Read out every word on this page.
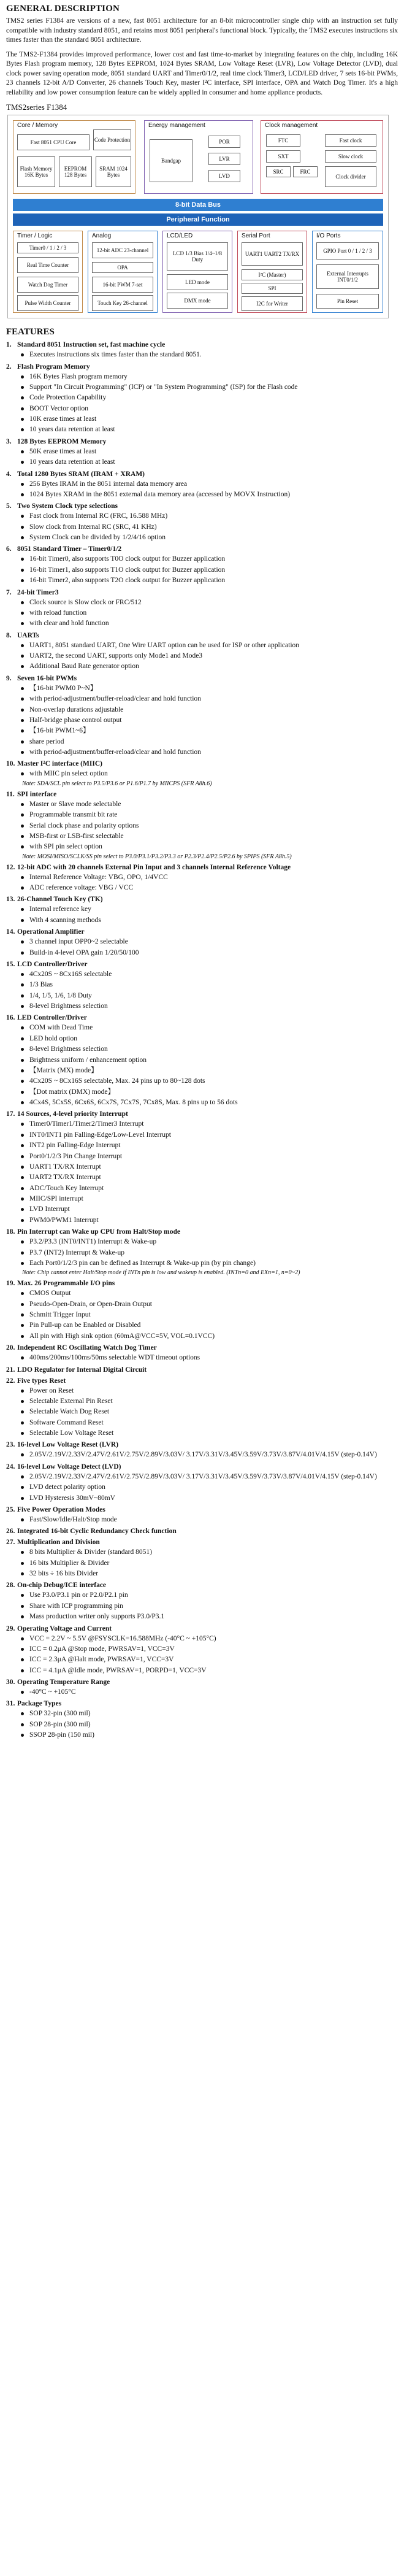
GENERAL DESCRIPTION

TMS2 series F1384 are versions of a new, fast 8051 architecture for an 8-bit microcontroller single chip with an instruction set fully compatible with industry standard 8051, and retains most 8051 peripheral's functional block. Typically, the TMS2 executes instructions six times faster than the standard 8051 architecture.

The TMS2-F1384 provides improved performance, lower cost and fast time-to-market by integrating features on the chip, including 16K Bytes Flash program memory, 128 Bytes EEPROM, 1024 Bytes SRAM, Low Voltage Reset (LVR), Low Voltage Detector (LVD), dual clock power saving operation mode, 8051 standard UART and Timer0/1/2, real time clock Timer3, LCD/LED driver, 7 sets 16-bit PWMs, 23 channels 12-bit A/D Converter, 26 channels Touch Key, master I²C interface, SPI interface, OPA and Watch Dog Timer. It's a high reliability and low power consumption feature can be widely applied in consumer and home appliance products.

TMS2series F1384
Core / Memory
Fast 8051 CPU Core	Code Protection
Flash Memory 16K Bytes
EEPROM 128 Bytes
SRAM 1024 Bytes
Energy management
Bandgap
POR
LVR
LVD
Clock management
FTC	Fast clock
SXT	Slow clock
SRC	FRC
Clock divider
8-bit Data Bus
Peripheral Function
Timer / Logic
Timer0 / 1 / 2 / 3
Real Time Counter
Watch Dog Timer
Pulse Width Counter
Analog
12-bit ADC 23-channel
OPA
16-bit PWM 7-set
Touch Key 26-channel
LCD/LED
LCD 1/3 Bias 1/4~1/8 Duty
LED mode
DMX mode
Serial Port
UART1 UART2 TX/RX
I²C (Master)
SPI
I2C for Writer
I/O Ports
GPIO Port 0 / 1 / 2 / 3
External Interrupts INT0/1/2
Pin Reset
FEATURES
1. Standard 8051 Instruction set, fast machine cycle
Executes instructions six times faster than the standard 8051.
2. Flash Program Memory
16K Bytes Flash program memory
Support "In Circuit Programming" (ICP) or "In System Programming" (ISP) for the Flash code
Code Protection Capability
BOOT Vector option
10K erase times at least
10 years data retention at least
3. 128 Bytes EEPROM Memory
50K erase times at least
10 years data retention at least
4. Total 1280 Bytes SRAM (IRAM + XRAM)
256 Bytes IRAM in the 8051 internal data memory area
1024 Bytes XRAM in the 8051 external data memory area (accessed by MOVX Instruction)
5. Two System Clock type selections
Fast clock from Internal RC (FRC, 16.588 MHz)
Slow clock from Internal RC (SRC, 41 KHz)
System Clock can be divided by 1/2/4/16 option
6. 8051 Standard Timer – Timer0/1/2
16-bit Timer0, also supports T0O clock output for Buzzer application
16-bit Timer1, also supports T1O clock output for Buzzer application
16-bit Timer2, also supports T2O clock output for Buzzer application
7. 24-bit Timer3
Clock source is Slow clock or FRC/512
with reload function
with clear and hold function
8. UARTs
UART1, 8051 standard UART, One Wire UART option can be used for ISP or other application
UART2, the second UART, supports only Mode1 and Mode3
Additional Baud Rate generator option
9. Seven 16-bit PWMs
【16-bit PWM0 P~N】
with period-adjustment/buffer-reload/clear and hold function
Non-overlap durations adjustable
Half-bridge phase control output
【16-bit PWM1~6】
share period
with period-adjustment/buffer-reload/clear and hold function
10. Master I²C interface (MIIC)
with MIIC pin select option
Note: SDA/SCL pin select to P3.5/P3.6 or P1.6/P1.7 by MIICPS (SFR A8h.6)
11. SPI interface
Master or Slave mode selectable
Programmable transmit bit rate
Serial clock phase and polarity options
MSB-first or LSB-first selectable
with SPI pin select option
Note: MOSI/MISO/SCLK/SS pin select to P3.0/P3.1/P3.2/P3.3 or P2.3/P2.4/P2.5/P2.6 by SPIPS (SFR A8h.5)
12. 12-bit ADC with 20 channels External Pin Input and 3 channels Internal Reference Voltage
Internal Reference Voltage: VBG, OPO, 1/4VCC
ADC reference voltage: VBG / VCC
13. 26-Channel Touch Key (TK)
Internal reference key
With 4 scanning methods
14. Operational Amplifier
3 channel input OPP0~2 selectable
Build-in 4-level OPA gain 1/20/50/100
15. LCD Controller/Driver
4Cx20S ~ 8Cx16S selectable
1/3 Bias
1/4, 1/5, 1/6, 1/8 Duty
8-level Brightness selection
16. LED Controller/Driver
COM with Dead Time
LED hold option
8-level Brightness selection
Brightness uniform / enhancement option
【Matrix (MX) mode】
4Cx20S ~ 8Cx16S selectable, Max. 24 pins up to 80~128 dots
【Dot matrix (DMX) mode】
4Cx4S, 5Cx5S, 6Cx6S, 6Cx7S, 7Cx7S, 7Cx8S, Max. 8 pins up to 56 dots
17. 14 Sources, 4-level priority Interrupt
Timer0/Timer1/Timer2/Timer3 Interrupt
INT0/INT1 pin Falling-Edge/Low-Level Interrupt
INT2 pin Falling-Edge Interrupt
Port0/1/2/3 Pin Change Interrupt
UART1 TX/RX Interrupt
UART2 TX/RX Interrupt
ADC/Touch Key Interrupt
MIIC/SPI interrupt
LVD Interrupt
PWM0/PWM1 Interrupt
18. Pin Interrupt can Wake up CPU from Halt/Stop mode
P3.2/P3.3 (INT0/INT1) Interrupt & Wake-up
P3.7 (INT2) Interrupt & Wake-up
Each Port0/1/2/3 pin can be defined as Interrupt & Wake-up pin (by pin change)
Note: Chip cannot enter Halt/Stop mode if INTn pin is low and wakeup is enabled. (INTn=0 and EXn=1, n=0~2)
19. Max. 26 Programmable I/O pins
CMOS Output
Pseudo-Open-Drain, or Open-Drain Output
Schmitt Trigger Input
Pin Pull-up can be Enabled or Disabled
All pin with High sink option (60mA@VCC=5V, VOL=0.1VCC)
20. Independent RC Oscillating Watch Dog Timer
400ms/200ms/100ms/50ms selectable WDT timeout options
21. LDO Regulator for Internal Digital Circuit
22. Five types Reset
Power on Reset
Selectable External Pin Reset
Selectable Watch Dog Reset
Software Command Reset
Selectable Low Voltage Reset
23. 16-level Low Voltage Reset (LVR)
2.05V/2.19V/2.33V/2.47V/2.61V/2.75V/2.89V/3.03V/ 3.17V/3.31V/3.45V/3.59V/3.73V/3.87V/4.01V/4.15V (step-0.14V)
24. 16-level Low Voltage Detect (LVD)
2.05V/2.19V/2.33V/2.47V/2.61V/2.75V/2.89V/3.03V/ 3.17V/3.31V/3.45V/3.59V/3.73V/3.87V/4.01V/4.15V (step-0.14V)
LVD detect polarity option
LVD Hysteresis 30mV~80mV
25. Five Power Operation Modes
Fast/Slow/Idle/Halt/Stop mode
26. Integrated 16-bit Cyclic Redundancy Check function
27. Multiplication and Division
8 bits Multiplier & Divider (standard 8051)
16 bits Multiplier & Divider
32 bits ÷ 16 bits Divider
28. On-chip Debug/ICE interface
Use P3.0/P3.1 pin or P2.0/P2.1 pin
Share with ICP programming pin
Mass production writer only supports P3.0/P3.1
29. Operating Voltage and Current
VCC = 2.2V ~ 5.5V @FSYSCLK=16.588MHz (-40°C ~ +105°C)
ICC = 0.2μA @Stop mode, PWRSAV=1, VCC=3V
ICC = 2.3μA @Halt mode, PWRSAV=1, VCC=3V
ICC = 4.1μA @Idle mode, PWRSAV=1, PORPD=1, VCC=3V
30. Operating Temperature Range
-40°C ~ +105°C
31. Package Types
SOP 32-pin (300 mil)
SOP 28-pin (300 mil)
SSOP 28-pin (150 mil)
